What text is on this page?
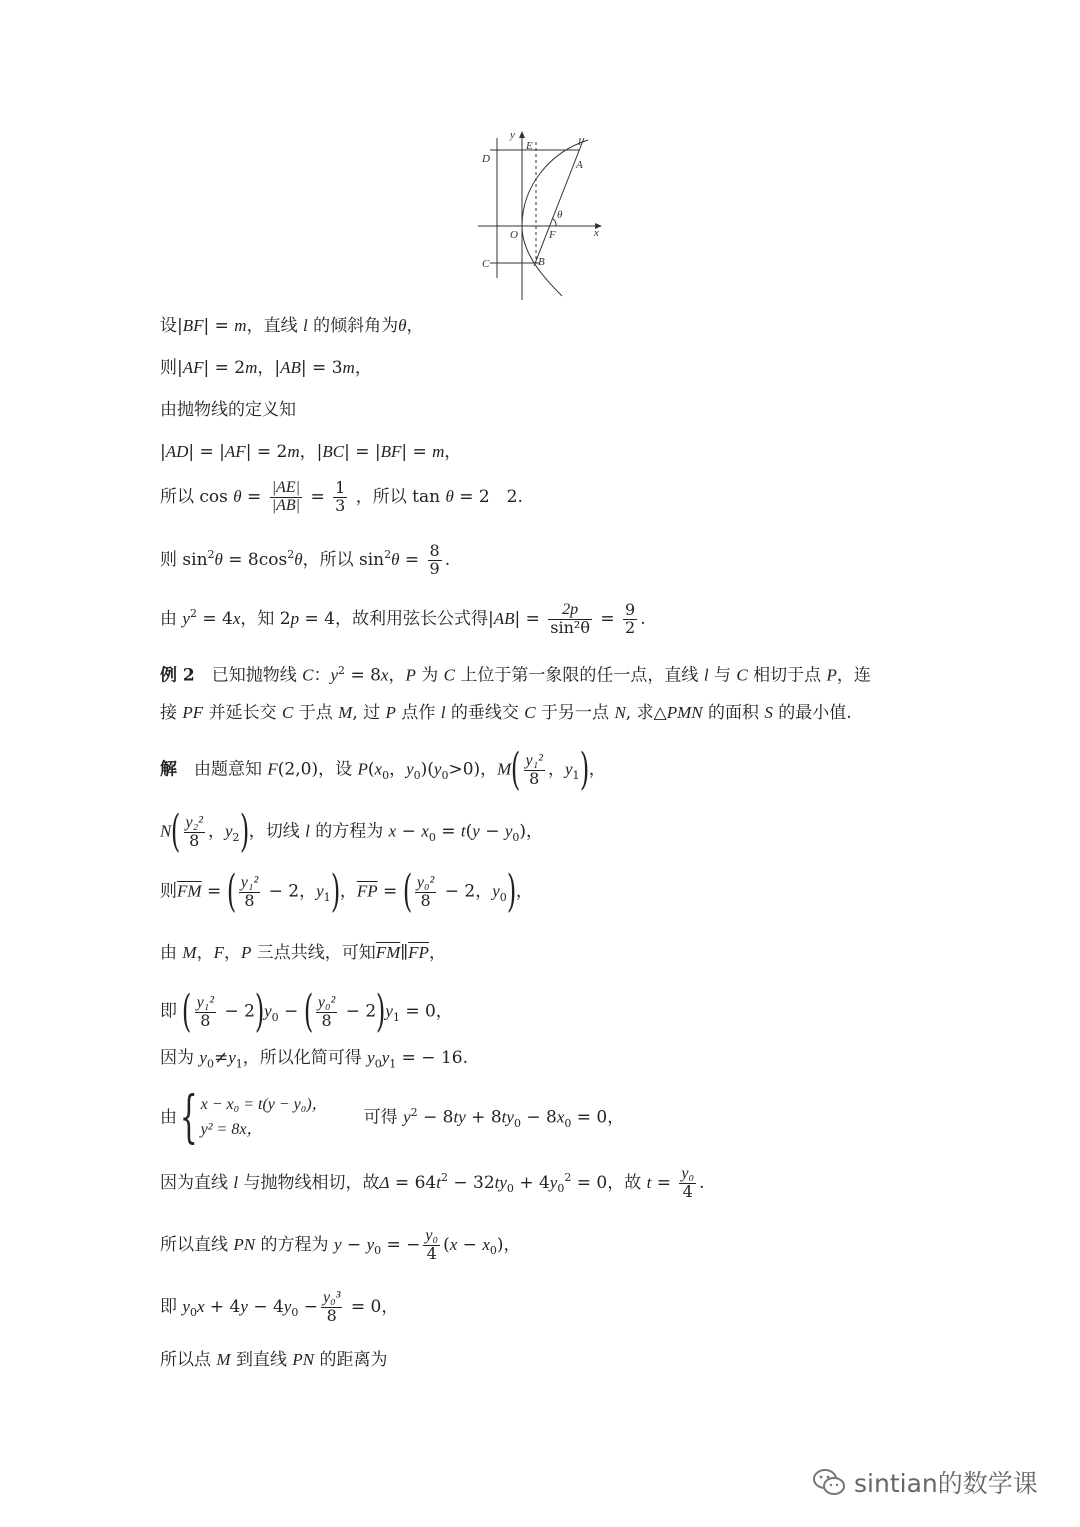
y
E	l
D	A
θ
O	F	x
C	B
设|BF| = m，直线 l 的倾斜角为θ，
则|AF| = 2m，|AB| = 3m，
由抛物线的定义知
|AD| = |AF| = 2m，|BC| = |BF| = m，
所以 $\cos \theta = \frac{|AE|}{|AB|} = \frac{1}{3}$ ，所以 tan θ = 2　2.
则 $\sin^2\theta = 8\cos^2\theta$，所以 $\sin^2\theta = \frac{8}{9}$ .
由 $y^2 = 4x$，知 2p = 4，故利用弦长公式得$|AB| = \frac{2p}{\text{sin²θ}} = \frac{9}{2}$ .
例 2　已知抛物线 C：$y^2 = 8x$，P 为 C 上位于第一象限的任一点，直线 l 与 C 相切于点 P，连
接 PF 并延长交 C 于点 M, 过 P 点作 l 的垂线交 C 于另一点 N, 求△PMN 的面积 S 的最小值.
解　由题意知 F(2,0)，设 $P(x_0$，$y_0)(y_0>0)$，$M( \frac{\text{y₁²}}{8}$ ，$y_1$)，
$N( \frac{\text{y₂²}}{8}$ ，$y_2$)，切线 l 的方程为 $x - x_0 = t(y - y_0)$，
则$\overline{FM}$ = ( $\frac{\text{y₁²}}{8} - 2$，$y_1$)，$\overline{FP}$ = ( $\frac{\text{y₀²}}{8} - 2$，$y_0$)，
由 M，F，P 三点共线，可知$\overline{FM}\parallel\overline{FP}$，
即 ( $\frac{\text{y₁²}}{8} - 2)y_0$ − ( $\frac{\text{y₀²}}{8} - 2)y_1 = 0$，
因为 $y_0\ne y_1$，所以化简可得 $y_0y_1$ = − 16.
由{ x − x₀ = t(y − y₀)，
y² = 8x，
可得 $y^2 - 8ty + 8ty_0 - 8x_0 = 0$，
因为直线 l 与抛物线相切，故$\Delta = 64t^2 - 32ty_0 + 4y_0^2 = 0$，故 $t = \frac{\text{y₀}}{4}$ .
所以直线 PN 的方程为 $y - y_0$ = − $\frac{\text{y₀}}{4} (x - x_0)$，
即 $y_0x + 4y - 4y_0 - \frac{\text{y₀³}}{8} = 0$，
所以点 M 到直线 PN 的距离为
sintian的数学课
